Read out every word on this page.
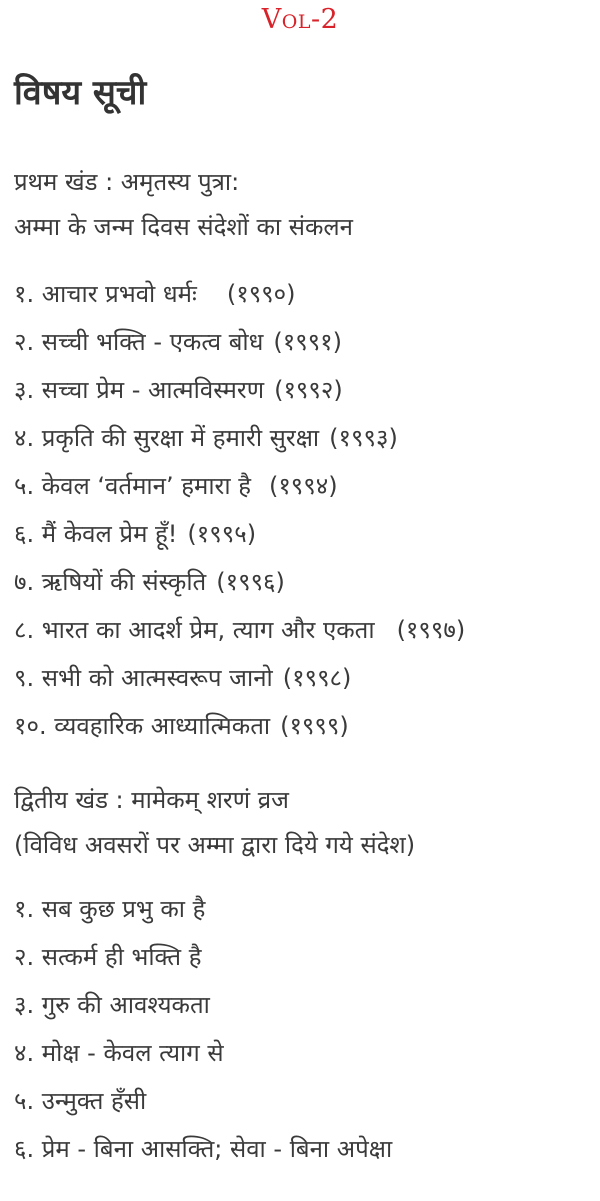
Vol-2
विषय सूची
प्रथम खंड : अमृतस्य पुत्रा:
अम्मा के जन्म दिवस संदेशों का संकलन
१. आचार प्रभवो धर्मः (१९९०)
२. सच्ची भक्ति - एकत्व बोध (१९९१)
३. सच्चा प्रेम - आत्मविस्मरण (१९९२)
४. प्रकृति की सुरक्षा में हमारी सुरक्षा (१९९३)
५. केवल ‘वर्तमान’ हमारा है (१९९४)
६. मैं केवल प्रेम हूँ! (१९९५)
७. ऋषियों की संस्कृति (१९९६)
८. भारत का आदर्श प्रेम, त्याग और एकता (१९९७)
९. सभी को आत्मस्वरूप जानो (१९९८)
१०. व्यवहारिक आध्यात्मिकता (१९९९)
द्वितीय खंड : मामेकम् शरणं व्रज
(विविध अवसरों पर अम्मा द्वारा दिये गये संदेश)
१. सब कुछ प्रभु का है
२. सत्कर्म ही भक्ति है
३. गुरु की आवश्यकता
४. मोक्ष - केवल त्याग से
५. उन्मुक्त हँसी
६. प्रेम - बिना आसक्ति; सेवा - बिना अपेक्षा
